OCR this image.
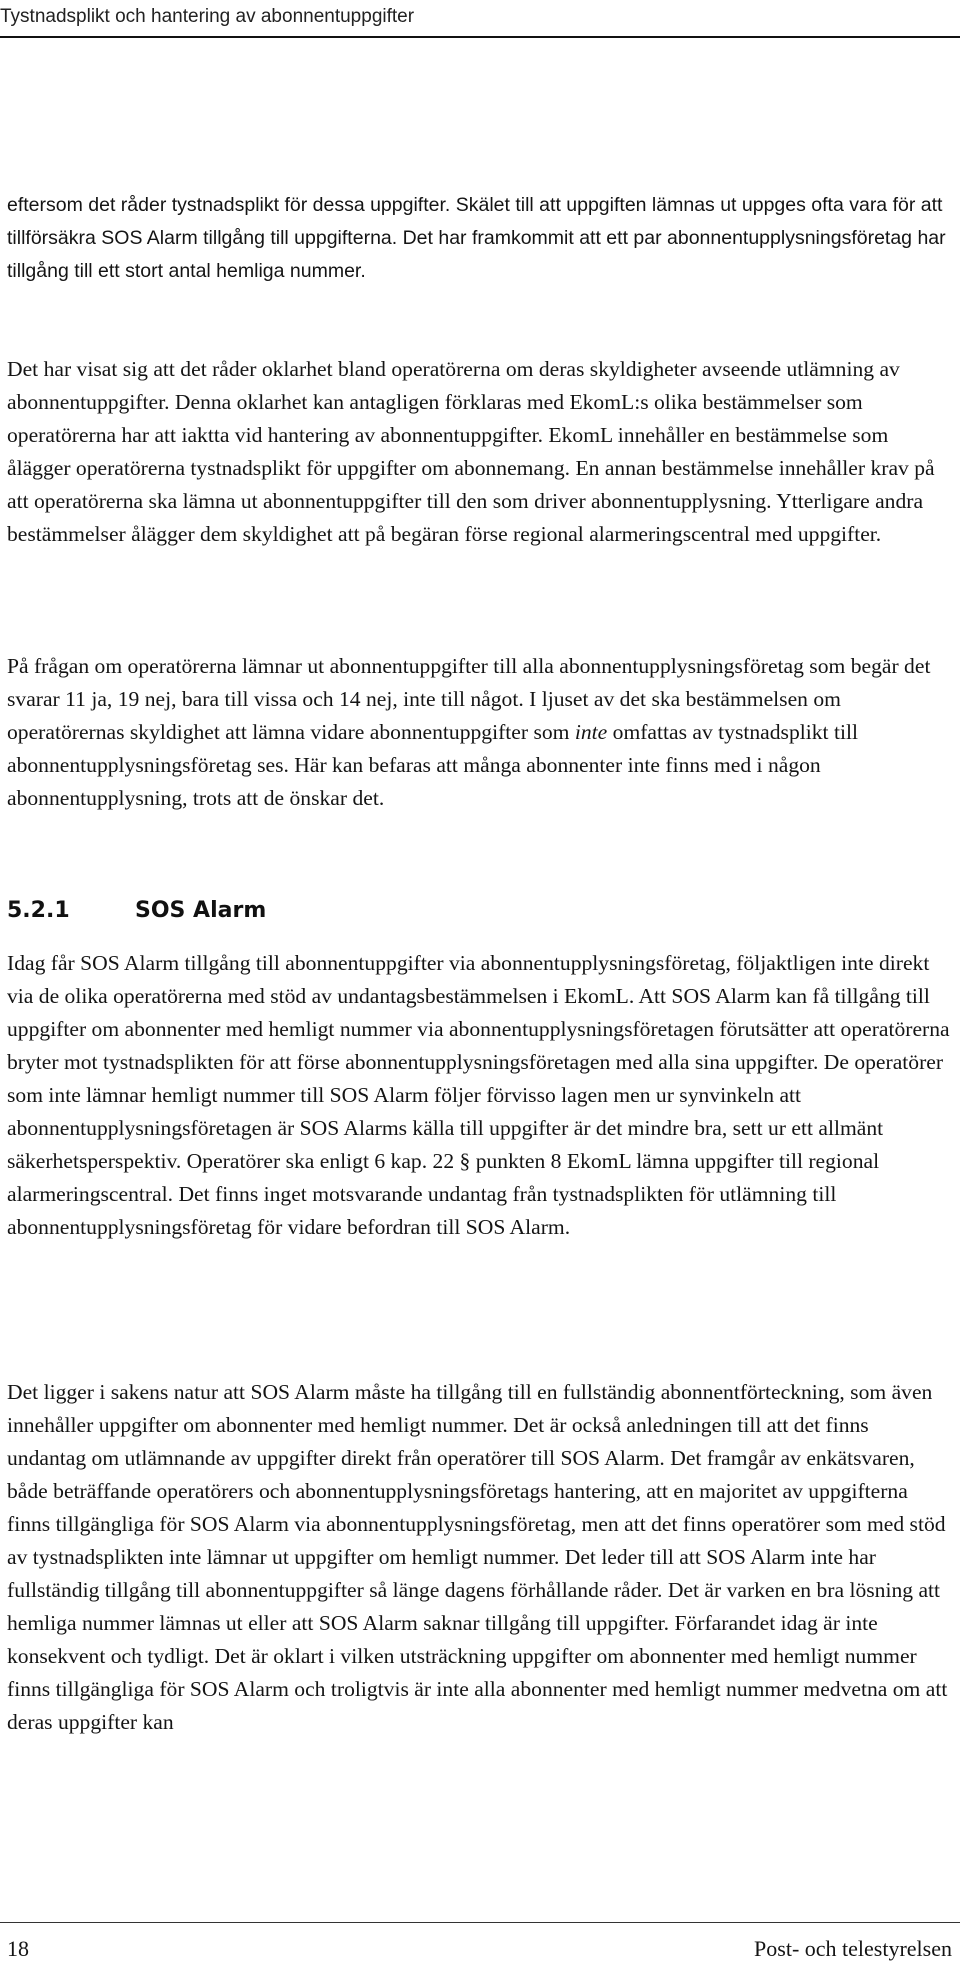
Tystnadsplikt och hantering av abonnentuppgifter

eftersom det råder tystnadsplikt för dessa uppgifter. Skälet till att uppgiften lämnas ut uppges ofta vara för att tillförsäkra SOS Alarm tillgång till uppgifterna. Det har framkommit att ett par abonnentupplysningsföretag har tillgång till ett stort antal hemliga nummer.

Det har visat sig att det råder oklarhet bland operatörerna om deras skyldigheter avseende utlämning av abonnentuppgifter. Denna oklarhet kan antagligen förklaras med EkomL:s olika bestämmelser som operatörerna har att iaktta vid hantering av abonnentuppgifter. EkomL innehåller en bestämmelse som ålägger operatörerna tystnadsplikt för uppgifter om abonnemang. En annan bestämmelse innehåller krav på att operatörerna ska lämna ut abonnentuppgifter till den som driver abonnentupplysning. Ytterligare andra bestämmelser ålägger dem skyldighet att på begäran förse regional alarmeringscentral med uppgifter.

På frågan om operatörerna lämnar ut abonnentuppgifter till alla abonnentupplysningsföretag som begär det svarar 11 ja, 19 nej, bara till vissa och 14 nej, inte till något. I ljuset av det ska bestämmelsen om operatörernas skyldighet att lämna vidare abonnentuppgifter som inte omfattas av tystnadsplikt till abonnentupplysningsföretag ses. Här kan befaras att många abonnenter inte finns med i någon abonnentupplysning, trots att de önskar det.

5.2.1	SOS Alarm

Idag får SOS Alarm tillgång till abonnentuppgifter via abonnentupplysningsföretag, följaktligen inte direkt via de olika operatörerna med stöd av undantagsbestämmelsen i EkomL. Att SOS Alarm kan få tillgång till uppgifter om abonnenter med hemligt nummer via abonnentupplysningsföretagen förutsätter att operatörerna bryter mot tystnadsplikten för att förse abonnentupplysningsföretagen med alla sina uppgifter. De operatörer som inte lämnar hemligt nummer till SOS Alarm följer förvisso lagen men ur synvinkeln att abonnentupplysningsföretagen är SOS Alarms källa till uppgifter är det mindre bra, sett ur ett allmänt säkerhetsperspektiv. Operatörer ska enligt 6 kap. 22 § punkten 8 EkomL lämna uppgifter till regional alarmeringscentral. Det finns inget motsvarande undantag från tystnadsplikten för utlämning till abonnentupplysningsföretag för vidare befordran till SOS Alarm.

Det ligger i sakens natur att SOS Alarm måste ha tillgång till en fullständig abonnentförteckning, som även innehåller uppgifter om abonnenter med hemligt nummer. Det är också anledningen till att det finns undantag om utlämnande av uppgifter direkt från operatörer till SOS Alarm. Det framgår av enkätsvaren, både beträffande operatörers och abonnentupplysningsföretags hantering, att en majoritet av uppgifterna finns tillgängliga för SOS Alarm via abonnentupplysningsföretag, men att det finns operatörer som med stöd av tystnadsplikten inte lämnar ut uppgifter om hemligt nummer. Det leder till att SOS Alarm inte har fullständig tillgång till abonnentuppgifter så länge dagens förhållande råder. Det är varken en bra lösning att hemliga nummer lämnas ut eller att SOS Alarm saknar tillgång till uppgifter. Förfarandet idag är inte konsekvent och tydligt. Det är oklart i vilken utsträckning uppgifter om abonnenter med hemligt nummer finns tillgängliga för SOS Alarm och troligtvis är inte alla abonnenter med hemligt nummer medvetna om att deras uppgifter kan

18	Post- och telestyrelsen
